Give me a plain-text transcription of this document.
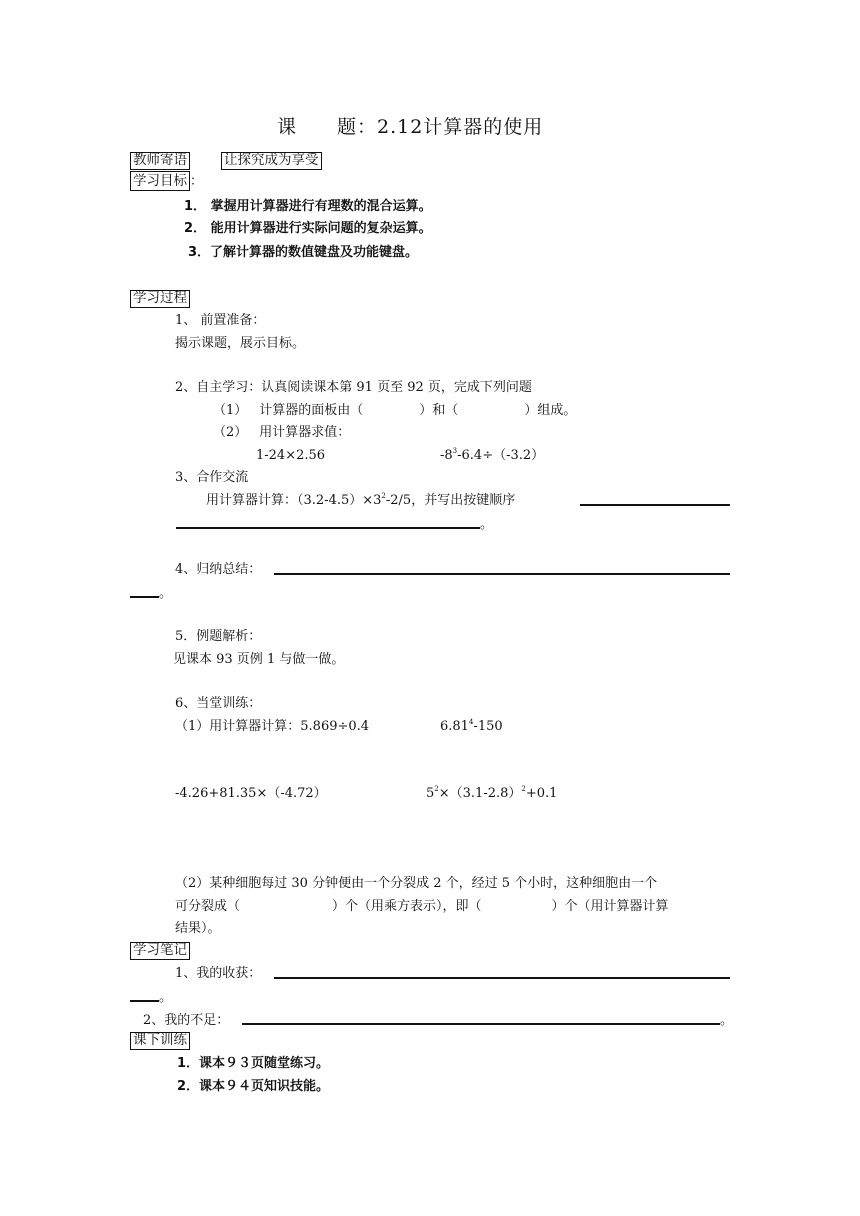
课　　题：2.12计算器的使用
教师寄语	让探究成为享受
学习目标 ：
1． 掌握用计算器进行有理数的混合运算。
2． 能用计算器进行实际问题的复杂运算。
3．了解计算器的数值键盘及功能键盘。
学习过程
1、 前置准备：
揭示课题，展示目标。
2、自主学习：认真阅读课本第 91 页至 92 页，完成下列问题
（1） 计算器的面板由（	）和（	）组成。
（2） 用计算器求值：
1-24×2.56	$-8^3-6.4\div(-3.2)$
3、合作交流
用计算器计算：$(3.2-4.5)\times 3^2-2/5$，并写出按键顺序
。
4、归纳总结：
。
5．例题解析：
见课本 93 页例 1 与做一做。
6、当堂训练：
（1）用计算器计算：5.869÷0.4	6.81$^4$-150
-4.26+81.35×（-4.72）	$5^2\times(3.1-2.8)^2+0.1$
（2）某种细胞每过 30 分钟便由一个分裂成 2 个，经过 5 个小时，这种细胞由一个
可分裂成（	）个（用乘方表示），即（	）个（用计算器计算
结果）。
学习笔记
1、我的收获：
。
2、我的不足：	。
课下训练
1．课本９３页随堂练习。
2．课本９４页知识技能。
